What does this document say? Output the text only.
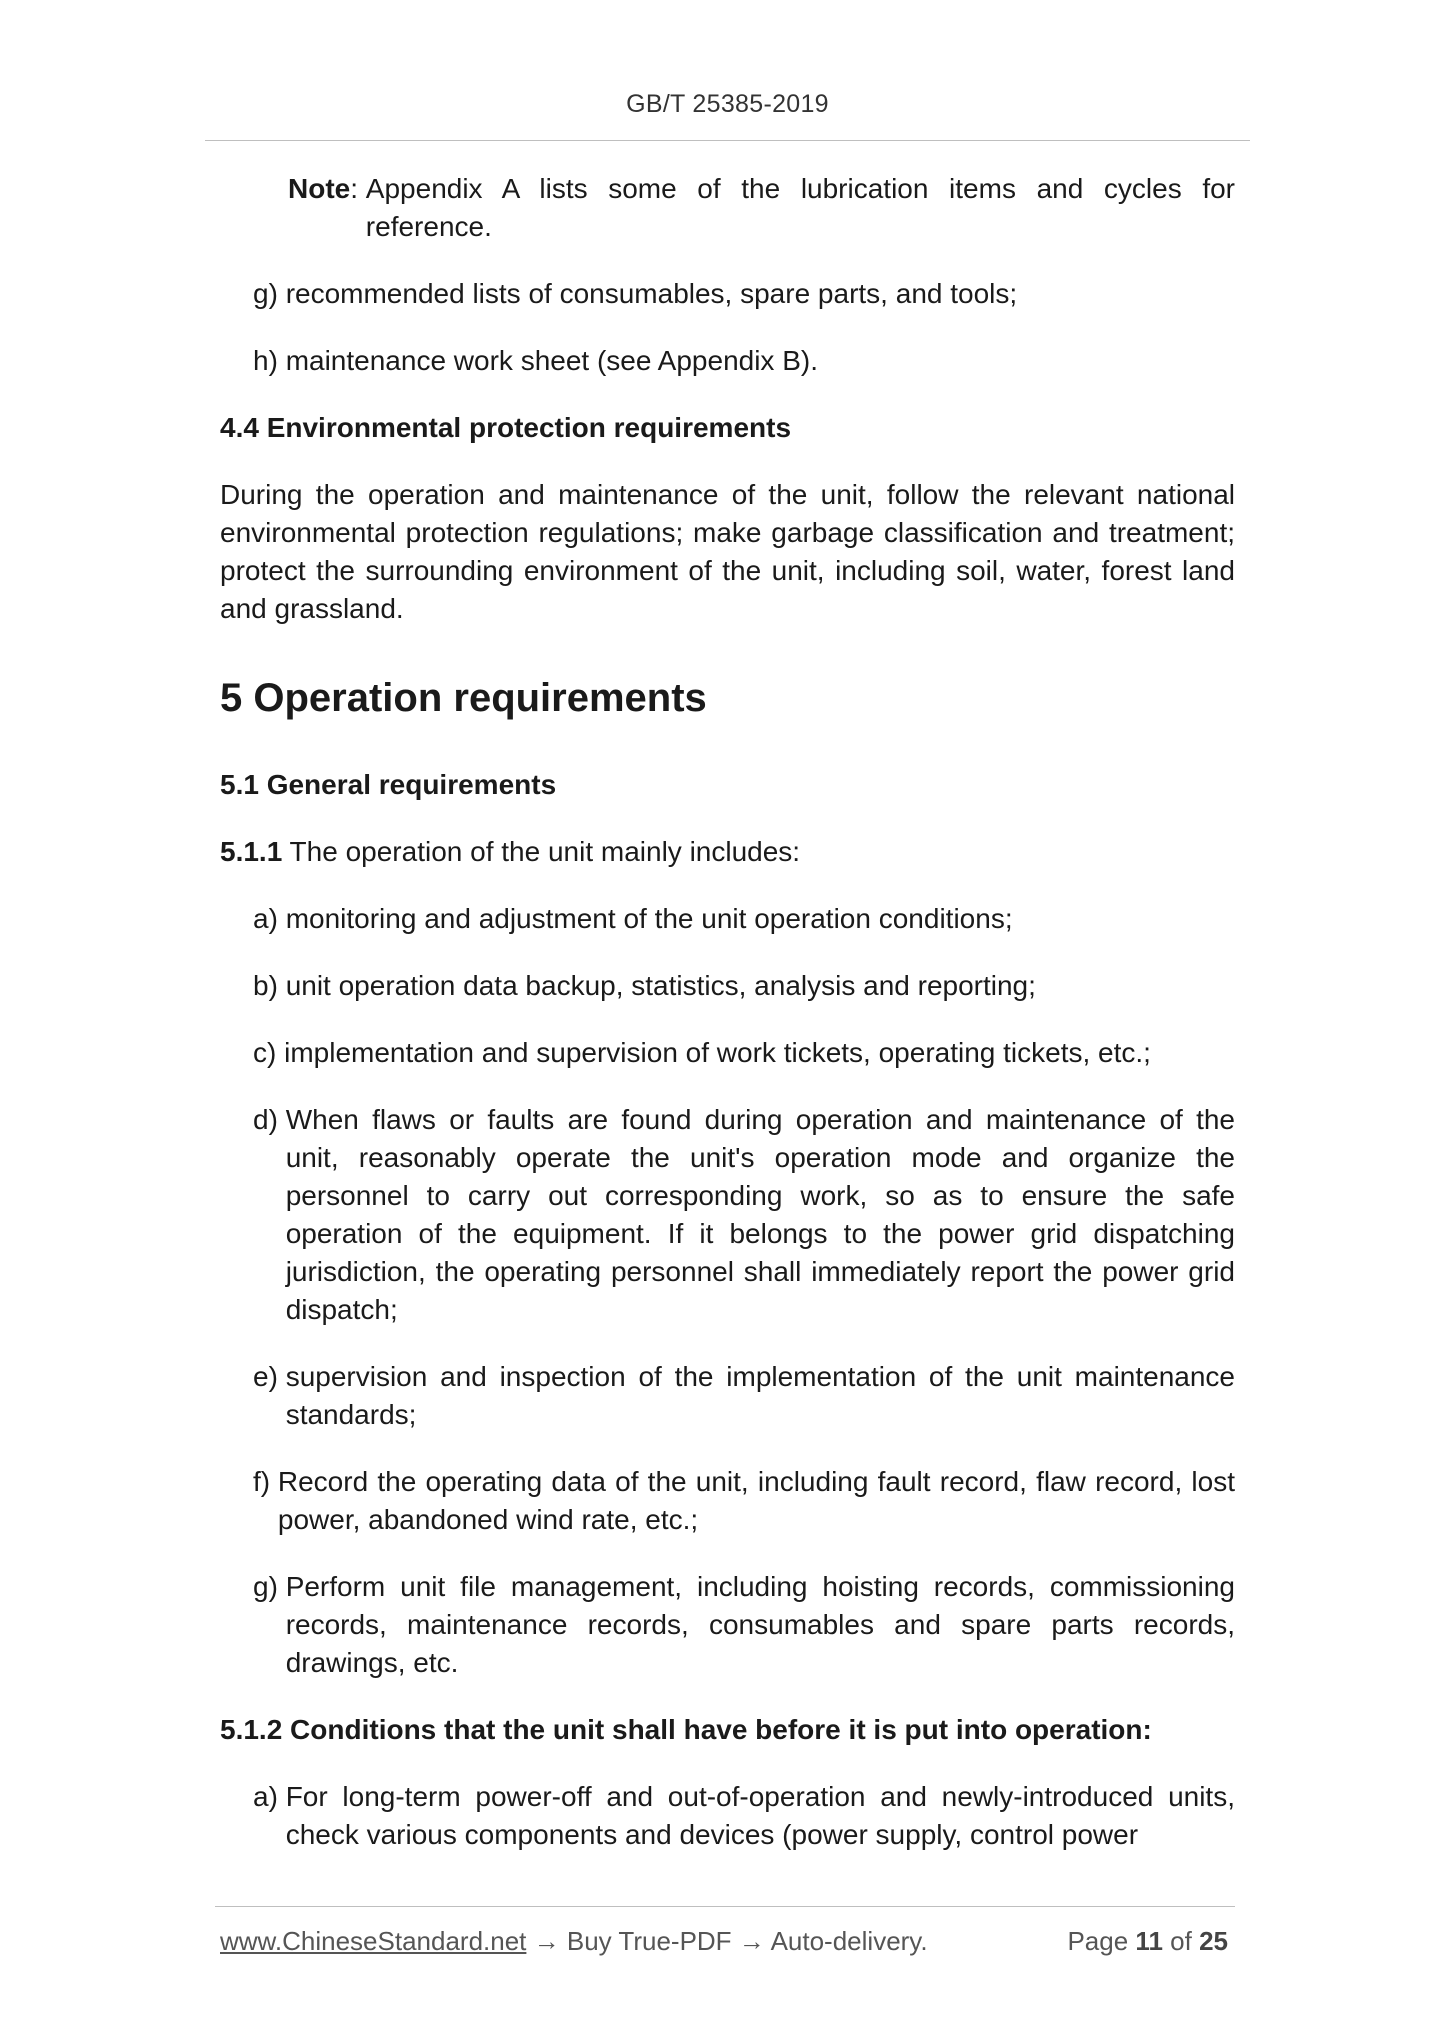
GB/T 25385-2019
Note : Appendix A lists some of the lubrication items and cycles for reference.
g) recommended lists of consumables, spare parts, and tools;
h) maintenance work sheet (see Appendix B).
4.4 Environmental protection requirements
During the operation and maintenance of the unit, follow the relevant national environmental protection regulations; make garbage classification and treatment; protect the surrounding environment of the unit, including soil, water, forest land and grassland.
5 Operation requirements
5.1 General requirements
5.1.1 The operation of the unit mainly includes:
a) monitoring and adjustment of the unit operation conditions;
b) unit operation data backup, statistics, analysis and reporting;
c) implementation and supervision of work tickets, operating tickets, etc.;
d) When flaws or faults are found during operation and maintenance of the unit, reasonably operate the unit's operation mode and organize the personnel to carry out corresponding work, so as to ensure the safe operation of the equipment. If it belongs to the power grid dispatching jurisdiction, the operating personnel shall immediately report the power grid dispatch;
e) supervision and inspection of the implementation of the unit maintenance standards;
f) Record the operating data of the unit, including fault record, flaw record, lost power, abandoned wind rate, etc.;
g) Perform unit file management, including hoisting records, commissioning records, maintenance records, consumables and spare parts records, drawings, etc.
5.1.2 Conditions that the unit shall have before it is put into operation:
a) For long-term power-off and out-of-operation and newly-introduced units, check various components and devices (power supply, control power
www.ChineseStandard.net → Buy True-PDF → Auto-delivery.	Page 11 of 25
